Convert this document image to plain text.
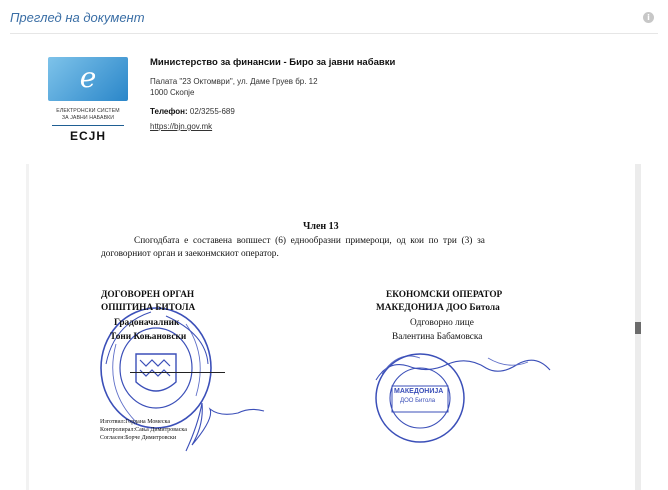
Преглед на документ	i
e
ЕЛЕКТРОНСКИ СИСТЕМ
ЗА ЈАВНИ НАБАВКИ
ЕСЈН
Министерство за финансии - Биро за јавни набавки
Палата "23 Октомври", ул. Даме Груев бр. 12
1000 Скопје
Телефон: 02/3255-689
https://bjn.gov.mk
Член 13
Спогодбата е составена вопшест (6) еднообразни примероци, од кои по три (3) за
договорниот орган и заеконмскиот оператор.
ДОГОВОРЕН ОРГАН
ОПШТИНА БИТОЛА
Градоначалник
Тони Коњановски
Изготвил:Гордана Момеска
Контролирал:Сања Димитроваска
Согласен:Борче Димитровски
ЕКОНОМСКИ ОПЕРАТОР
МАКЕДОНИЈА ДОО Битола
Одговорно лице
Валентина Бабамовска
МАКЕДОНИЈА
ДОО Битола
